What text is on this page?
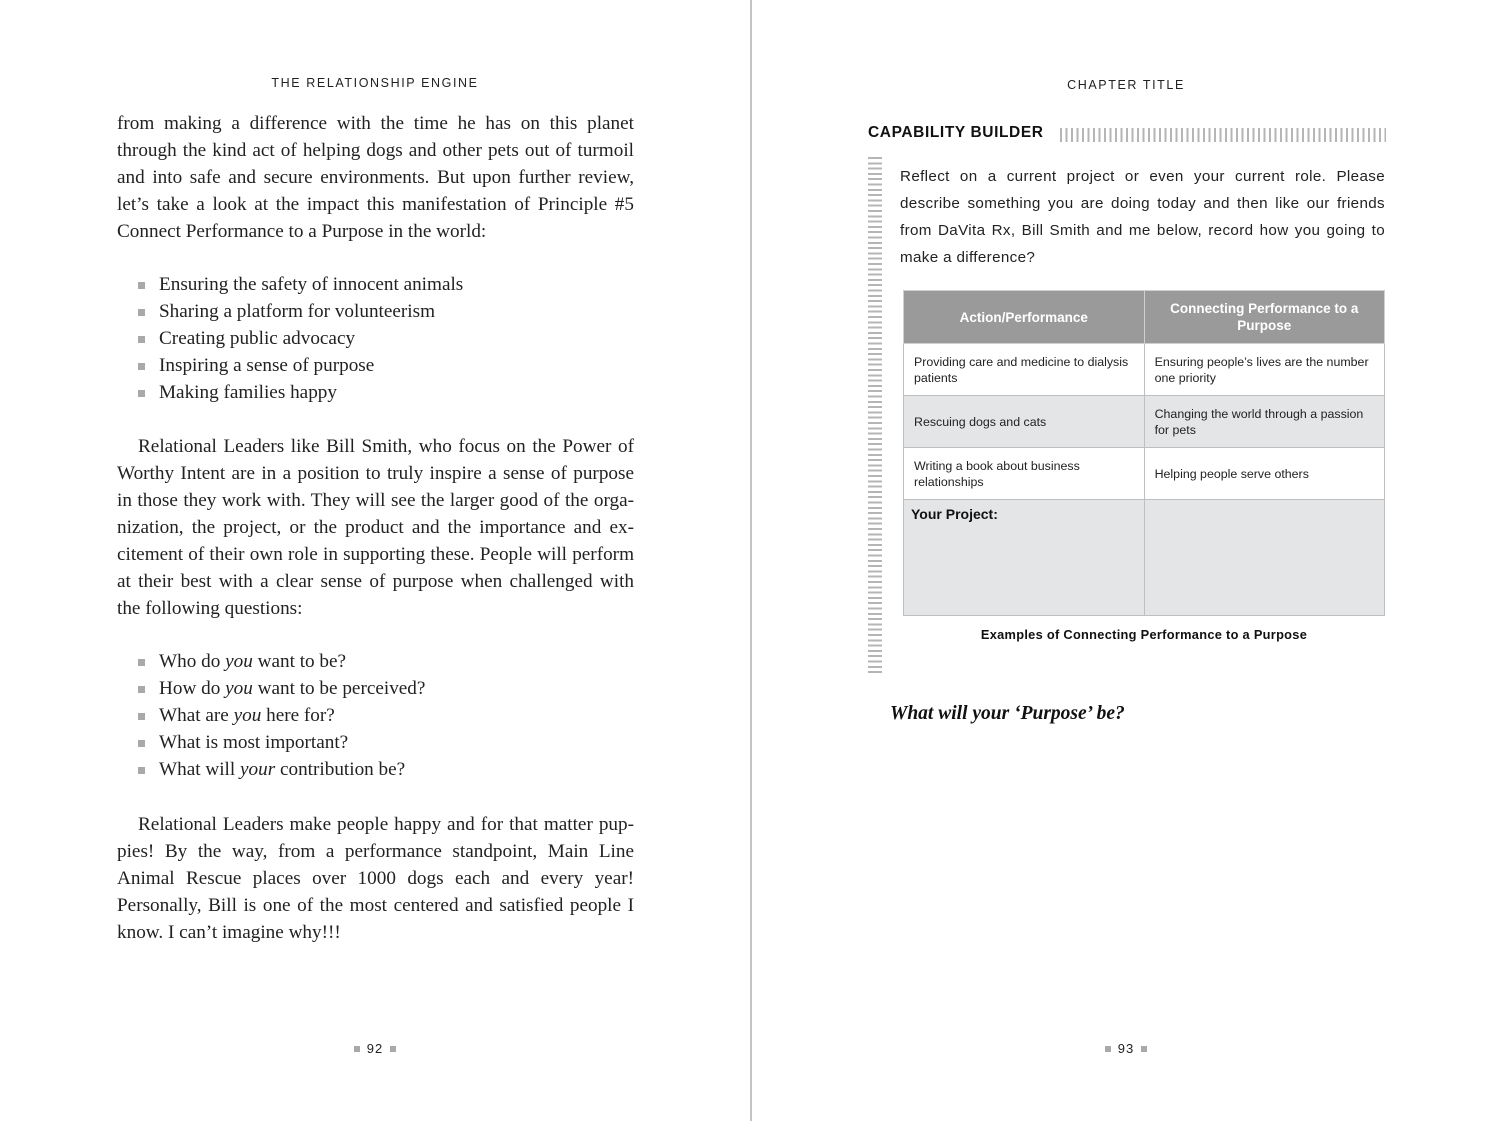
THE RELATIONSHIP ENGINE

from making a difference with the time he has on this planet through the kind act of helping dogs and other pets out of turmoil and into safe and secure environments. But upon further review, let’s take a look at the impact this manifestation of Principle #5 Connect Performance to a Purpose in the world:

Ensuring the safety of innocent animals
Sharing a platform for volunteerism
Creating public advocacy
Inspiring a sense of purpose
Making families happy

Relational Leaders like Bill Smith, who focus on the Power of Worthy Intent are in a position to truly inspire a sense of purpose in those they work with. They will see the larger good of the organization, the project, or the product and the importance and excitement of their own role in supporting these. People will perform at their best with a clear sense of purpose when challenged with the following questions:

Who do you want to be?
How do you want to be perceived?
What are you here for?
What is most important?
What will your contribution be?

Relational Leaders make people happy and for that matter puppies! By the way, from a performance standpoint, Main Line Animal Rescue places over 1000 dogs each and every year! Personally, Bill is one of the most centered and satisfied people I know. I can’t imagine why!!!

92
CHAPTER TITLE
CAPABILITY BUILDER
Reflect on a current project or even your current role. Please describe something you are doing today and then like our friends from DaVita Rx, Bill Smith and me below, record how you going to make a difference?
Action/Performance	Connecting Performance to a Purpose
Providing care and medicine to dialysis patients	Ensuring people’s lives are the number one priority
Rescuing dogs and cats	Changing the world through a passion for pets
Writing a book about business relationships	Helping people serve others
Your Project:	
Examples of Connecting Performance to a Purpose
What will your ‘Purpose’ be?
93
